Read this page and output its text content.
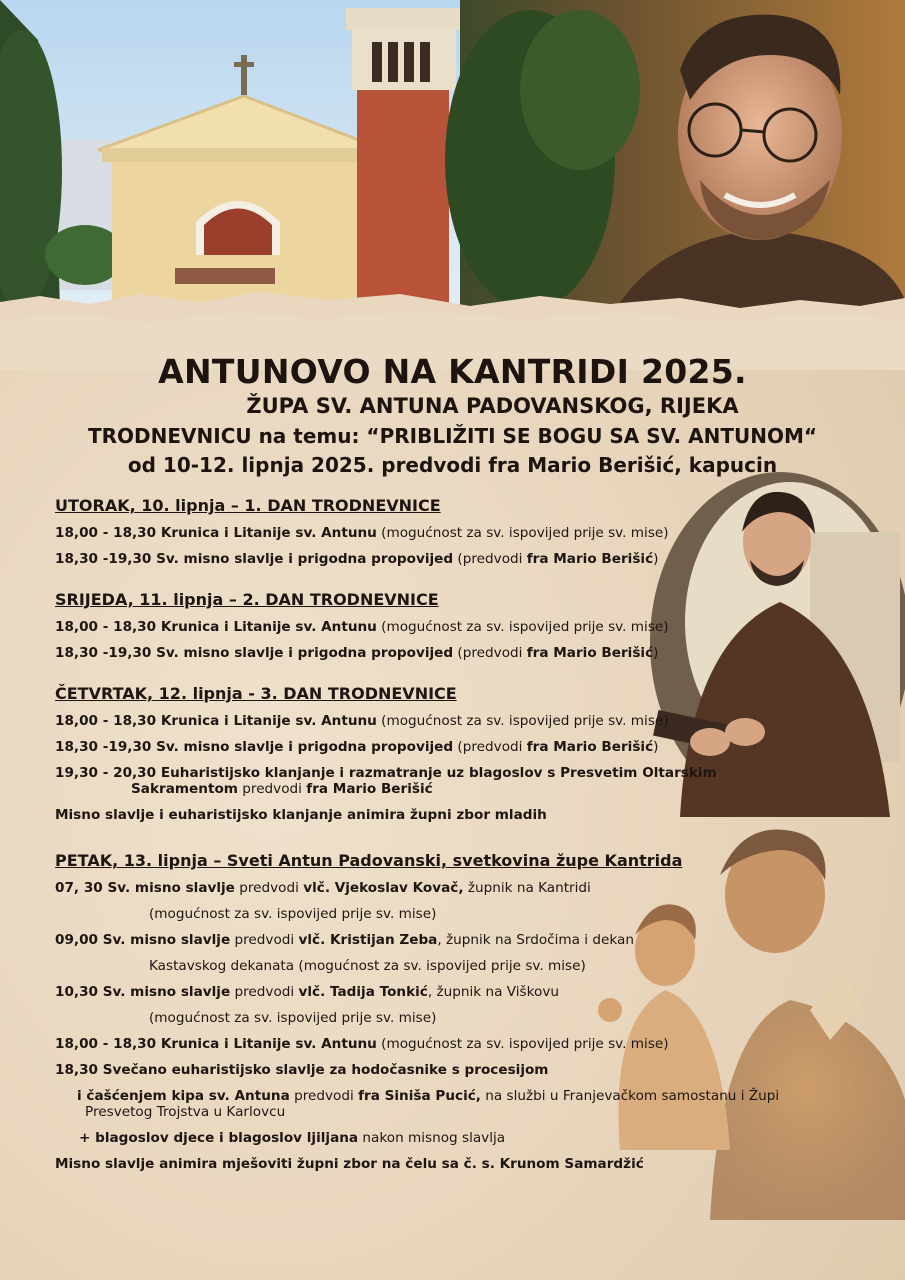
ANTUNOVO NA KANTRIDI 2025.
ŽUPA SV. ANTUNA PADOVANSKOG, RIJEKA
TRODNEVNICU na temu: “PRIBLIŽITI SE BOGU SA SV. ANTUNOM“
od 10-12. lipnja 2025. predvodi fra Mario Berišić, kapucin
UTORAK, 10. lipnja – 1. DAN TRODNEVNICE
18,00 - 18,30 Krunica i Litanije sv. Antunu (mogućnost za sv. ispovijed prije sv. mise)
18,30 -19,30 Sv. misno slavlje i prigodna propovijed (predvodi fra Mario Berišić)
SRIJEDA, 11. lipnja – 2. DAN TRODNEVNICE
18,00 - 18,30 Krunica i Litanije sv. Antunu (mogućnost za sv. ispovijed prije sv. mise)
18,30 -19,30 Sv. misno slavlje i prigodna propovijed (predvodi fra Mario Berišić)
ČETVRTAK, 12. lipnja - 3. DAN TRODNEVNICE
18,00 - 18,30 Krunica i Litanije sv. Antunu (mogućnost za sv. ispovijed prije sv. mise)
18,30 -19,30 Sv. misno slavlje i prigodna propovijed (predvodi fra Mario Berišić)
19,30 - 20,30 Euharistijsko klanjanje i razmatranje uz blagoslov s Presvetim Oltarskim
Sakramentom predvodi fra Mario Berišić
Misno slavlje i euharistijsko klanjanje animira župni zbor mladih
PETAK, 13. lipnja – Sveti Antun Padovanski, svetkovina župe Kantrida
07, 30 Sv. misno slavlje predvodi vlč. Vjekoslav Kovač, župnik na Kantridi
(mogućnost za sv. ispovijed prije sv. mise)
09,00 Sv. misno slavlje predvodi vlč. Kristijan Zeba, župnik na Srdočima i dekan
Kastavskog dekanata (mogućnost za sv. ispovijed prije sv. mise)
10,30 Sv. misno slavlje predvodi vlč. Tadija Tonkić, župnik na Viškovu
(mogućnost za sv. ispovijed prije sv. mise)
18,00 - 18,30 Krunica i Litanije sv. Antunu (mogućnost za sv. ispovijed prije sv. mise)
18,30 Svečano euharistijsko slavlje za hodočasnike s procesijom
i čašćenjem kipa sv. Antuna predvodi fra Siniša Pucić, na službi u Franjevačkom samostanu i Župi
Presvetog Trojstva u Karlovcu
+ blagoslov djece i blagoslov ljiljana nakon misnog slavlja
Misno slavlje animira mješoviti župni zbor na čelu sa č. s. Krunom Samardžić
